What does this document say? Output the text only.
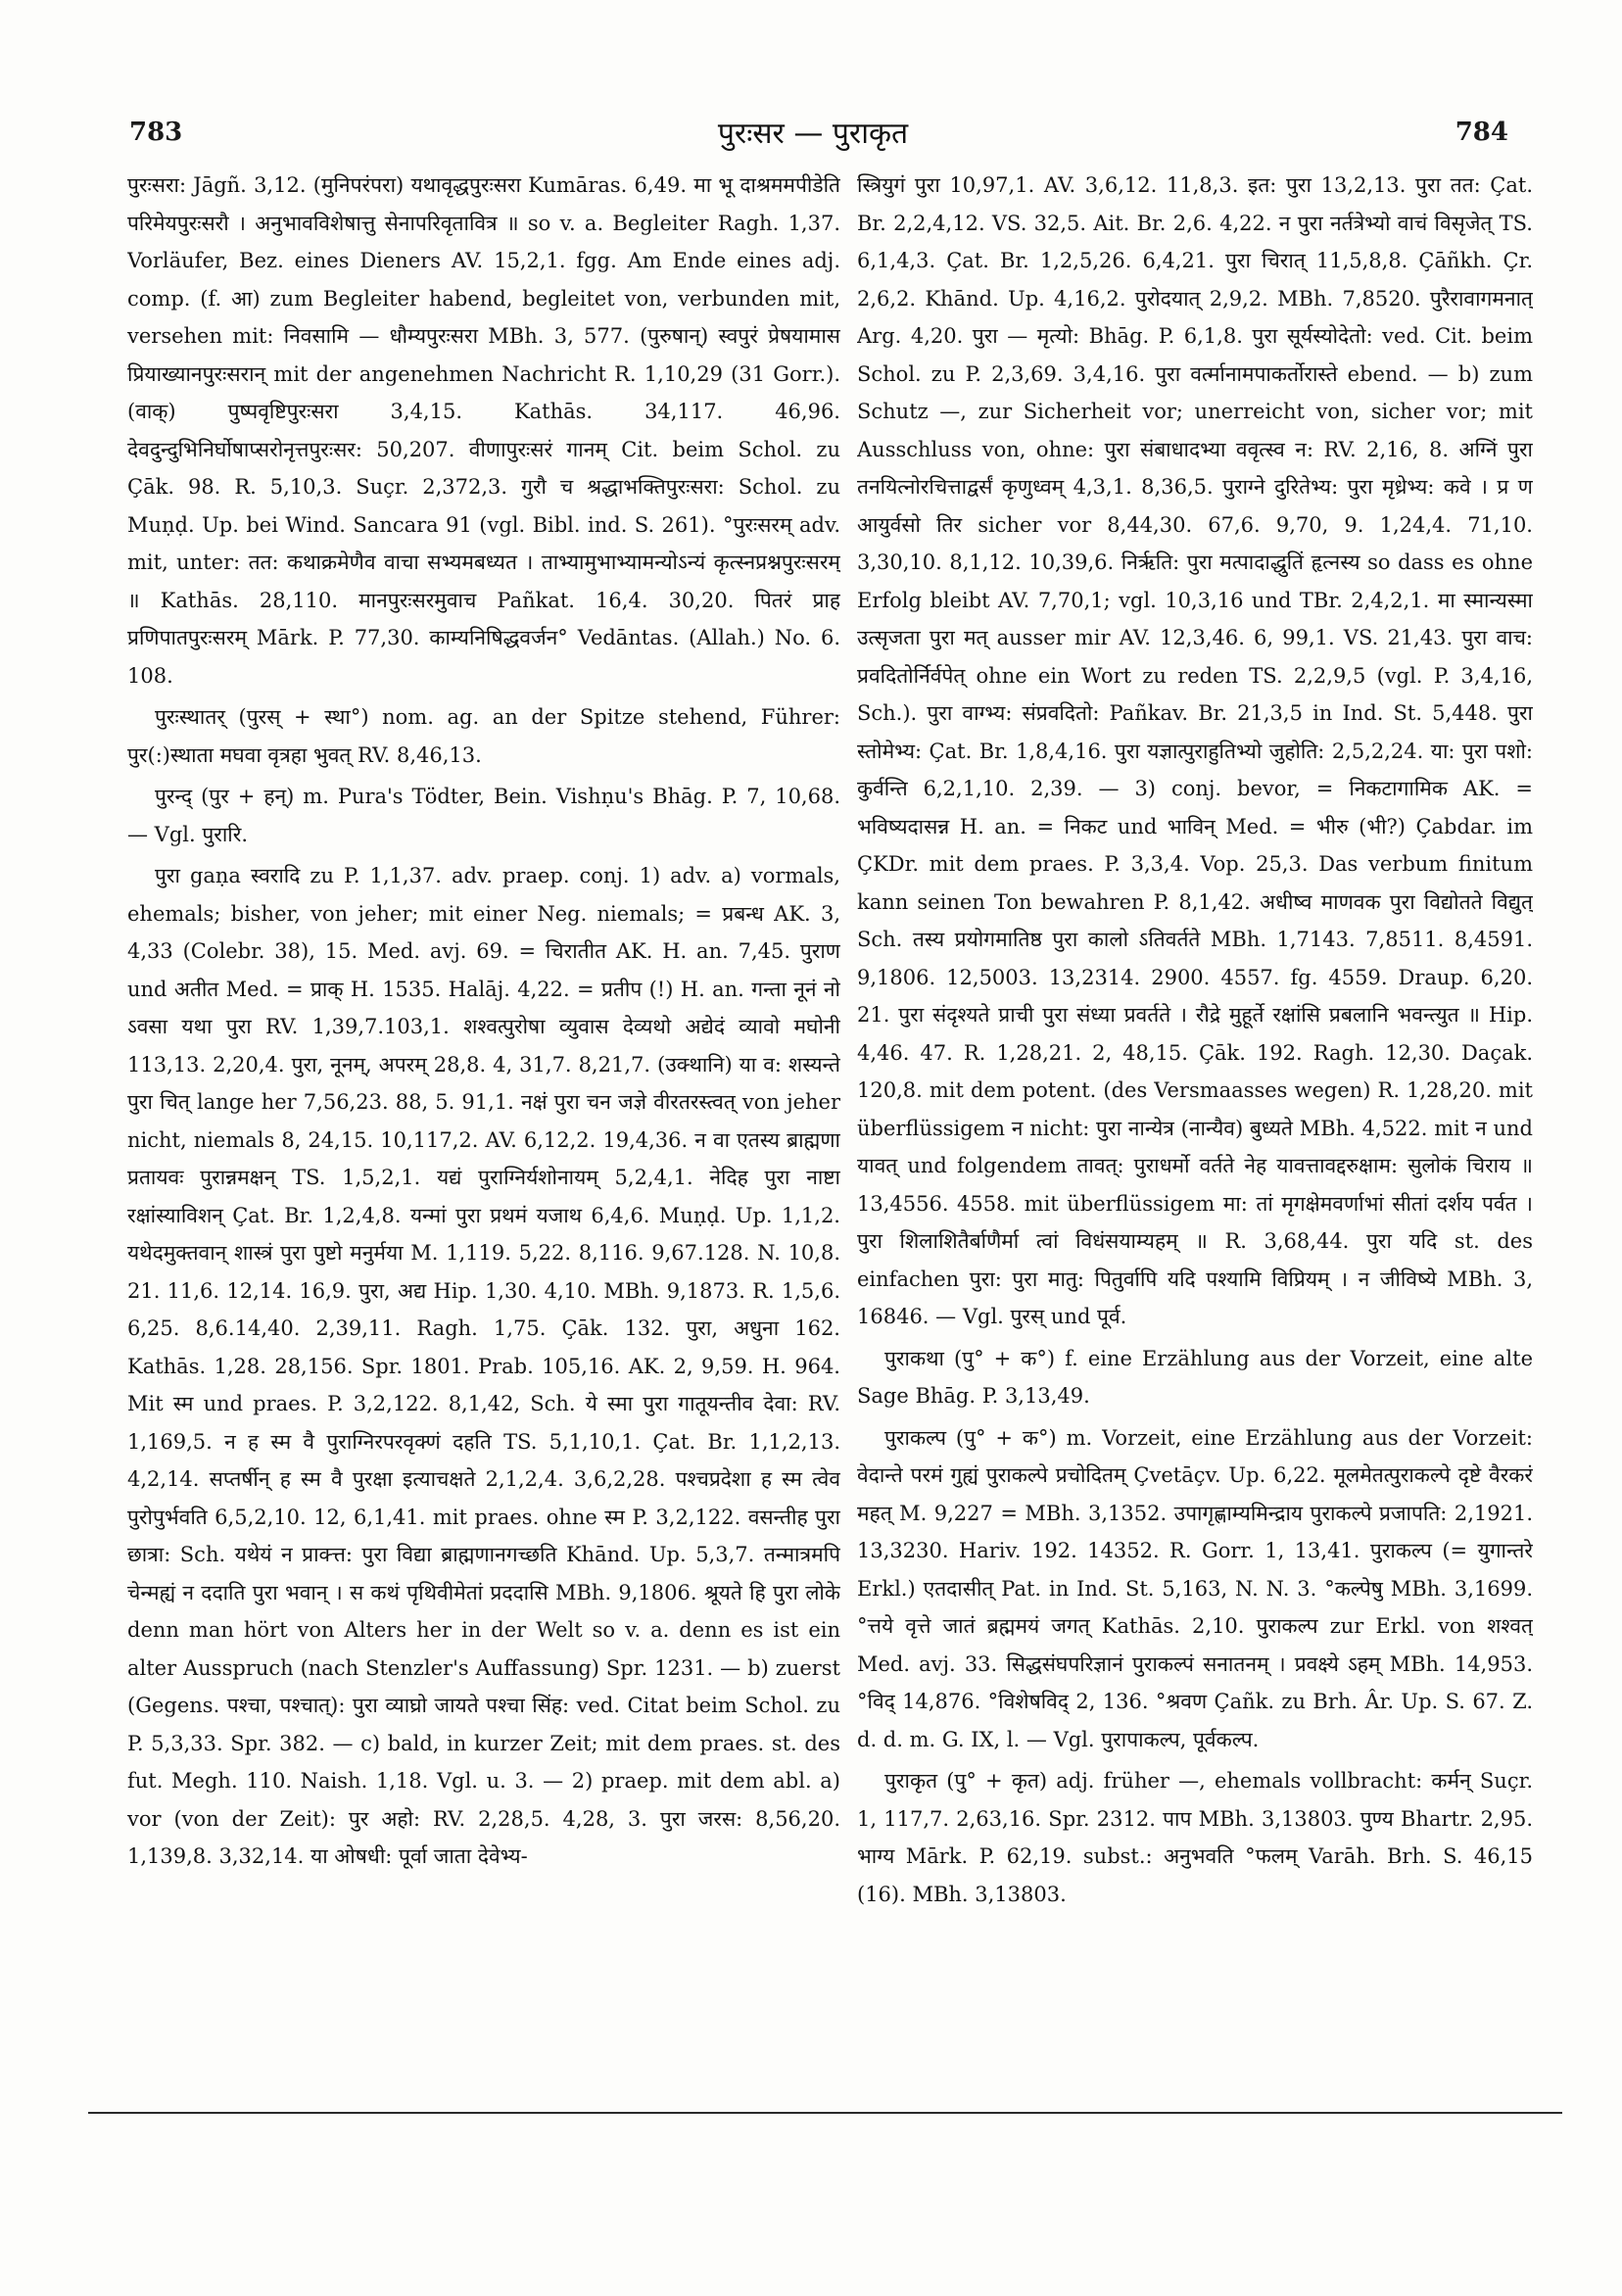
783	पुरःसर — पुराकृत	784

पुरःसरा: Jāgñ. 3,12. (मुनिपरंपरा) यथावृद्धपुरःसरा Kumāras. 6,49. मा भू दाश्रममपीडेति परिमेयपुरःसरौ । अनुभावविशेषात्तु सेनापरिवृतावित्र ॥ so v. a. Begleiter Ragh. 1,37. Vorläufer, Bez. eines Dieners AV. 15,2,1. fgg. Am Ende eines adj. comp. (f. आ) zum Begleiter habend, begleitet von, verbunden mit, versehen mit: निवसामि — धौम्यपुरःसरा MBh. 3, 577. (पुरुषान्) स्वपुरं प्रेषयामास प्रियाख्यानपुरःसरान् mit der angenehmen Nachricht R. 1,10,29 (31 Gorr.). (वाक्) पुष्पवृष्टिपुरःसरा 3,4,15. Kathās. 34,117. 46,96. देवदुन्दुभिनिर्घोषाप्सरोनृत्तपुरःसर: 50,207. वीणापुरःसरं गानम् Cit. beim Schol. zu Çāk. 98. R. 5,10,3. Suçr. 2,372,3. गुरौ च श्रद्धाभक्तिपुरःसरा: Schol. zu Muṇḍ. Up. bei Wind. Sancara 91 (vgl. Bibl. ind. S. 261). °पुरःसरम् adv. mit, unter: तत: कथाक्रमेणैव वाचा सभ्यमबध्यत । ताभ्यामुभाभ्यामन्योऽन्यं कृत्स्नप्रश्नपुरःसरम् ॥ Kathās. 28,110. मानपुरःसरमुवाच Pañkat. 16,4. 30,20. पितरं प्राह प्रणिपातपुरःसरम् Mārk. P. 77,30. काम्यनिषिद्धवर्जन° Vedāntas. (Allah.) No. 6. 108.

पुरःस्थातर् (पुरस् + स्था°) nom. ag. an der Spitze stehend, Führer: पुर(:)स्थाता मघवा वृत्रहा भुवत् RV. 8,46,13.

पुरन्द् (पुर + हन्) m. Pura's Tödter, Bein. Vishṇu's Bhāg. P. 7, 10,68. — Vgl. पुरारि.

पुरा gaṇa स्वरादि zu P. 1,1,37. adv. praep. conj. 1) adv. a) vormals, ehemals; bisher, von jeher; mit einer Neg. niemals; = प्रबन्ध AK. 3, 4,33 (Colebr. 38), 15. Med. avj. 69. = चिरातीत AK. H. an. 7,45. पुराण und अतीत Med. = प्राक् H. 1535. Halāj. 4,22. = प्रतीप (!) H. an. गन्ता नूनं नो ऽवसा यथा पुरा RV. 1,39,7.103,1. शश्वत्पुरोषा व्युवास देव्यथो अद्येदं व्यावो मघोनी 113,13. 2,20,4. पुरा, नूनम्, अपरम् 28,8. 4, 31,7. 8,21,7. (उक्थानि) या व: शस्यन्ते पुरा चित् lange her 7,56,23. 88, 5. 91,1. नक्षं पुरा चन जज्ञे वीरतरस्त्वत् von jeher nicht, niemals 8, 24,15. 10,117,2. AV. 6,12,2. 19,4,36. न वा एतस्य ब्राह्मणा प्रतायवः पुरान्नमक्षन् TS. 1,5,2,1. यद्यं पुराग्निर्यशोनायम् 5,2,4,1. नेदिह पुरा नाष्टा रक्षांस्याविशन् Çat. Br. 1,2,4,8. यन्मां पुरा प्रथमं यजाथ 6,4,6. Muṇḍ. Up. 1,1,2. यथेदमुक्तवान् शास्त्रं पुरा पुष्टो मनुर्मया M. 1,119. 5,22. 8,116. 9,67.128. N. 10,8. 21. 11,6. 12,14. 16,9. पुरा, अद्य Hip. 1,30. 4,10. MBh. 9,1873. R. 1,5,6. 6,25. 8,6.14,40. 2,39,11. Ragh. 1,75. Çāk. 132. पुरा, अधुना 162. Kathās. 1,28. 28,156. Spr. 1801. Prab. 105,16. AK. 2, 9,59. H. 964. Mit स्म und praes. P. 3,2,122. 8,1,42, Sch. ये स्मा पुरा गातूयन्तीव देवा: RV. 1,169,5. न ह स्म वै पुराग्निरपरवृक्णं दहति TS. 5,1,10,1. Çat. Br. 1,1,2,13. 4,2,14. सप्तर्षीन् ह स्म वै पुरक्षा इत्याचक्षते 2,1,2,4. 3,6,2,28. पश्चप्रदेशा ह स्म त्वेव पुरोपुर्भवति 6,5,2,10. 12, 6,1,41. mit praes. ohne स्म P. 3,2,122. वसन्तीह पुरा छात्रा: Sch. यथेयं न प्राक्त्त: पुरा विद्या ब्राह्मणानगच्छति Khānd. Up. 5,3,7. तन्मात्रमपि चेन्मह्यं न ददाति पुरा भवान् । स कथं पृथिवीमेतां प्रददासि MBh. 9,1806. श्रूयते हि पुरा लोके denn man hört von Alters her in der Welt so v. a. denn es ist ein alter Ausspruch (nach Stenzler's Auffassung) Spr. 1231. — b) zuerst (Gegens. पश्चा, पश्चात्): पुरा व्याघ्रो जायते पश्चा सिंह: ved. Citat beim Schol. zu P. 5,3,33. Spr. 382. — c) bald, in kurzer Zeit; mit dem praes. st. des fut. Megh. 110. Naish. 1,18. Vgl. u. 3. — 2) praep. mit dem abl. a) vor (von der Zeit): पुर अहो: RV. 2,28,5. 4,28, 3. पुरा जरस: 8,56,20. 1,139,8. 3,32,14. या ओषधी: पूर्वा जाता देवेभ्य-

स्त्रियुगं पुरा 10,97,1. AV. 3,6,12. 11,8,3. इत: पुरा 13,2,13. पुरा तत: Çat. Br. 2,2,4,12. VS. 32,5. Ait. Br. 2,6. 4,22. न पुरा नर्तत्रेभ्यो वाचं विसृजेत् TS. 6,1,4,3. Çat. Br. 1,2,5,26. 6,4,21. पुरा चिरात् 11,5,8,8. Çāñkh. Çr. 2,6,2. Khānd. Up. 4,16,2. पुरोदयात् 2,9,2. MBh. 7,8520. पुरैरावागमनात् Arg. 4,20. पुरा — मृत्यो: Bhāg. P. 6,1,8. पुरा सूर्यस्योदेतो: ved. Cit. beim Schol. zu P. 2,3,69. 3,4,16. पुरा वर्त्मानामपाकर्तोरास्ते ebend. — b) zum Schutz —, zur Sicherheit vor; unerreicht von, sicher vor; mit Ausschluss von, ohne: पुरा संबाधादभ्या ववृत्स्व न: RV. 2,16, 8. अग्निं पुरा तनयित्नोरचित्ताद्वर्सं कृणुध्वम् 4,3,1. 8,36,5. पुराग्ने दुरितेभ्य: पुरा मृध्रेभ्य: कवे । प्र ण आयुर्वसो तिर sicher vor 8,44,30. 67,6. 9,70, 9. 1,24,4. 71,10. 3,30,10. 8,1,12. 10,39,6. निर्ऋति: पुरा मत्पादाद्धुतिं हृत्नस्य so dass es ohne Erfolg bleibt AV. 7,70,1; vgl. 10,3,16 und TBr. 2,4,2,1. मा स्मान्यस्मा उत्सृजता पुरा मत् ausser mir AV. 12,3,46. 6, 99,1. VS. 21,43. पुरा वाच: प्रवदितोर्निर्वपेत् ohne ein Wort zu reden TS. 2,2,9,5 (vgl. P. 3,4,16, Sch.). पुरा वाग्भ्य: संप्रवदितो: Pañkav. Br. 21,3,5 in Ind. St. 5,448. पुरा स्तोमेभ्य: Çat. Br. 1,8,4,16. पुरा यज्ञात्पुराहुतिभ्यो जुहोति: 2,5,2,24. या: पुरा पशो: कुर्वन्ति 6,2,1,10. 2,39. — 3) conj. bevor, = निकटागामिक AK. = भविष्यदासन्न H. an. = निकट und भाविन् Med. = भीरु (भी?) Çabdar. im ÇKDr. mit dem praes. P. 3,3,4. Vop. 25,3. Das verbum finitum kann seinen Ton bewahren P. 8,1,42. अधीष्व माणवक पुरा विद्योतते विद्युत् Sch. तस्य प्रयोगमातिष्ठ पुरा कालो ऽतिवर्तते MBh. 1,7143. 7,8511. 8,4591. 9,1806. 12,5003. 13,2314. 2900. 4557. fg. 4559. Draup. 6,20. 21. पुरा संदृश्यते प्राची पुरा संध्या प्रवर्तते । रौद्रे मुहूर्ते रक्षांसि प्रबलानि भवन्त्युत ॥ Hip. 4,46. 47. R. 1,28,21. 2, 48,15. Çāk. 192. Ragh. 12,30. Daçak. 120,8. mit dem potent. (des Versmaasses wegen) R. 1,28,20. mit überflüssigem न nicht: पुरा नान्येत्र (नान्यैव) बुध्यते MBh. 4,522. mit न und यावत् und folgendem तावत्: पुराधर्मो वर्तते नेह यावत्तावद्दरुक्षाम: सुलोकं चिराय ॥ 13,4556. 4558. mit überflüssigem मा: तां मृगक्षेमवर्णाभां सीतां दर्शय पर्वत । पुरा शिलाशितैर्बाणैर्मा त्वां विधंसयाम्यहम् ॥ R. 3,68,44. पुरा यदि st. des einfachen पुरा: पुरा मातु: पितुर्वापि यदि पश्यामि विप्रियम् । न जीविष्ये MBh. 3, 16846. — Vgl. पुरस् und पूर्व.

पुराकथा (पु° + क°) f. eine Erzählung aus der Vorzeit, eine alte Sage Bhāg. P. 3,13,49.

पुराकल्प (पु° + क°) m. Vorzeit, eine Erzählung aus der Vorzeit: वेदान्ते परमं गुह्यं पुराकल्पे प्रचोदितम् Çvetāçv. Up. 6,22. मूलमेतत्पुराकल्पे दृष्टे वैरकरं महत् M. 9,227 = MBh. 3,1352. उपागृह्णाम्यमिन्द्राय पुराकल्पे प्रजापति: 2,1921. 13,3230. Hariv. 192. 14352. R. Gorr. 1, 13,41. पुराकल्प (= युगान्तरे Erkl.) एतदासीत् Pat. in Ind. St. 5,163, N. N. 3. °कल्पेषु MBh. 3,1699. °त्तये वृत्ते जातं ब्रह्ममयं जगत् Kathās. 2,10. पुराकल्प zur Erkl. von शश्वत् Med. avj. 33. सिद्धसंघपरिज्ञानं पुराकल्पं सनातनम् । प्रवक्ष्ये ऽहम् MBh. 14,953. °विद् 14,876. °विशेषविद् 2, 136. °श्रवण Çañk. zu Brh. Âr. Up. S. 67. Z. d. d. m. G. IX, l. — Vgl. पुरापाकल्प, पूर्वकल्प.

पुराकृत (पु° + कृत) adj. früher —, ehemals vollbracht: कर्मन् Suçr. 1, 117,7. 2,63,16. Spr. 2312. पाप MBh. 3,13803. पुण्य Bhartr. 2,95. भाग्य Mārk. P. 62,19. subst.: अनुभवति °फलम् Varāh. Brh. S. 46,15 (16). MBh. 3,13803.
